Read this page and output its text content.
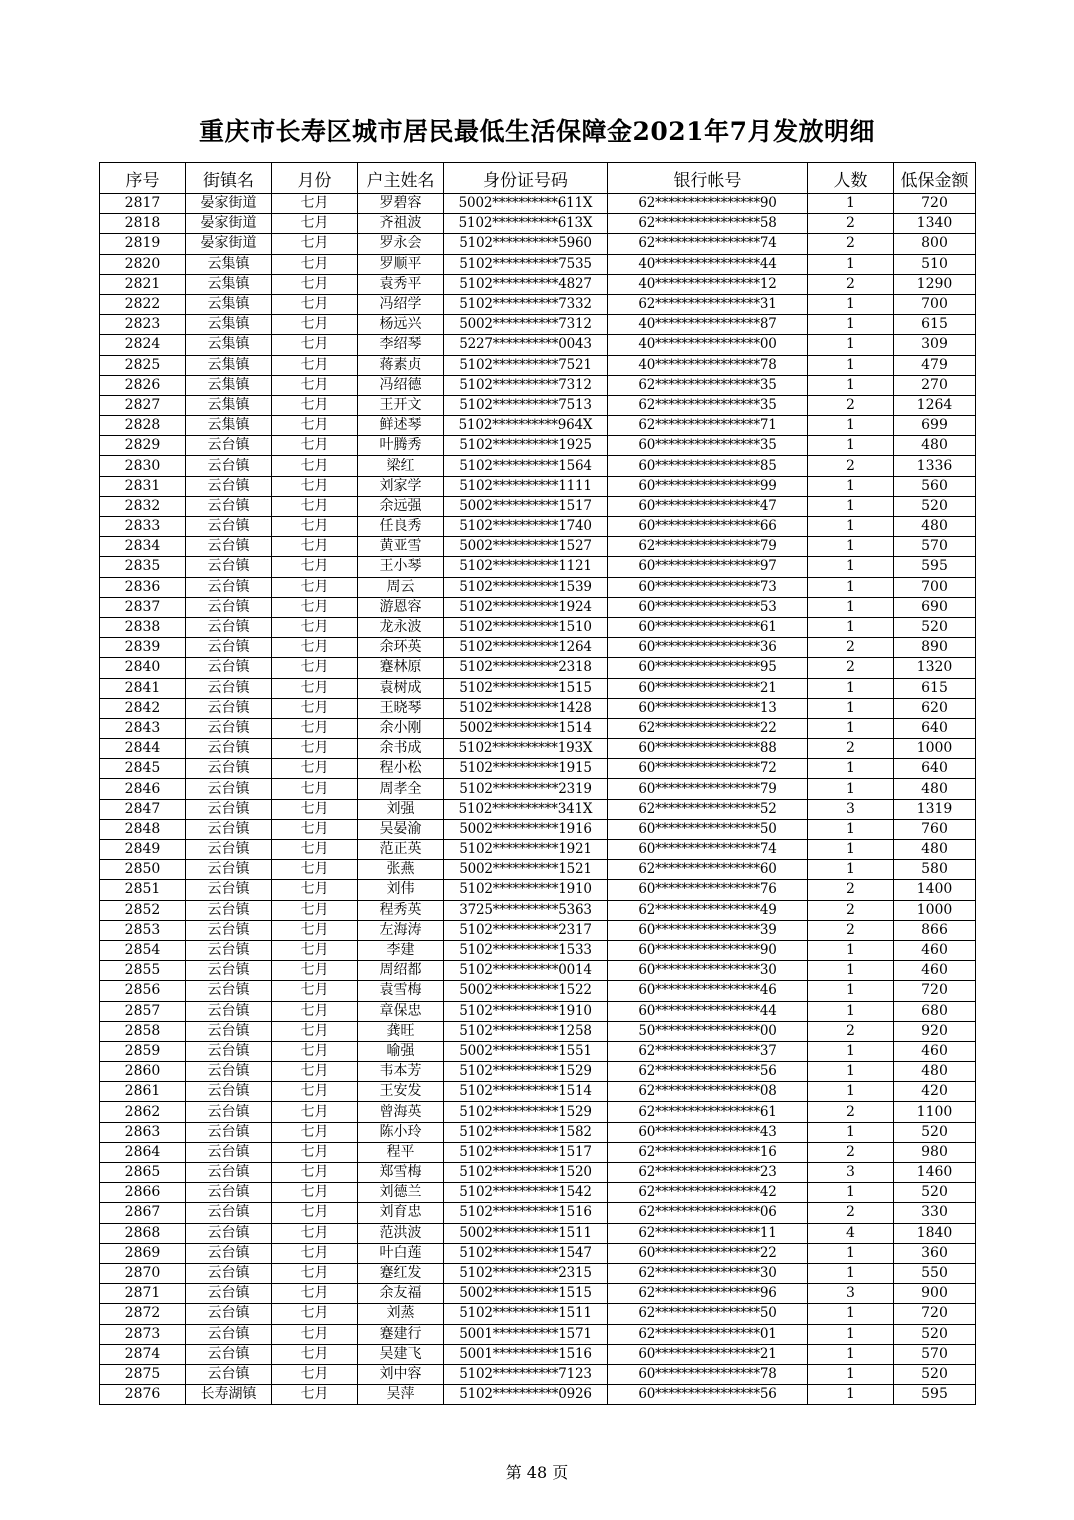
重庆市长寿区城市居民最低生活保障金2021年7月发放明细
序号	街镇名	月份	户主姓名	身份证号码	银行帐号	人数	低保金额
2817	晏家街道	七月	罗碧容	5002**********611X	62****************90	1	720
2818	晏家街道	七月	齐祖波	5102**********613X	62****************58	2	1340
2819	晏家街道	七月	罗永会	5102**********5960	62****************74	2	800
2820	云集镇	七月	罗顺平	5102**********7535	40****************44	1	510
2821	云集镇	七月	袁秀平	5102**********4827	40****************12	2	1290
2822	云集镇	七月	冯绍学	5102**********7332	62****************31	1	700
2823	云集镇	七月	杨远兴	5002**********7312	40****************87	1	615
2824	云集镇	七月	李绍琴	5227**********0043	40****************00	1	309
2825	云集镇	七月	蒋素贞	5102**********7521	40****************78	1	479
2826	云集镇	七月	冯绍德	5102**********7312	62****************35	1	270
2827	云集镇	七月	王开文	5102**********7513	62****************35	2	1264
2828	云集镇	七月	鲜述琴	5102**********964X	62****************71	1	699
2829	云台镇	七月	叶腾秀	5102**********1925	60****************35	1	480
2830	云台镇	七月	梁红	5102**********1564	60****************85	2	1336
2831	云台镇	七月	刘家学	5102**********1111	60****************99	1	560
2832	云台镇	七月	余远强	5002**********1517	60****************47	1	520
2833	云台镇	七月	任良秀	5102**********1740	60****************66	1	480
2834	云台镇	七月	黄亚雪	5002**********1527	62****************79	1	570
2835	云台镇	七月	王小琴	5102**********1121	60****************97	1	595
2836	云台镇	七月	周云	5102**********1539	60****************73	1	700
2837	云台镇	七月	游恩容	5102**********1924	60****************53	1	690
2838	云台镇	七月	龙永波	5102**********1510	60****************61	1	520
2839	云台镇	七月	余环英	5102**********1264	60****************36	2	890
2840	云台镇	七月	蹇林原	5102**********2318	60****************95	2	1320
2841	云台镇	七月	袁树成	5102**********1515	60****************21	1	615
2842	云台镇	七月	王晓琴	5102**********1428	60****************13	1	620
2843	云台镇	七月	余小刚	5002**********1514	62****************22	1	640
2844	云台镇	七月	余书成	5102**********193X	60****************88	2	1000
2845	云台镇	七月	程小松	5102**********1915	60****************72	1	640
2846	云台镇	七月	周孝全	5102**********2319	60****************79	1	480
2847	云台镇	七月	刘强	5102**********341X	62****************52	3	1319
2848	云台镇	七月	吴晏渝	5002**********1916	60****************50	1	760
2849	云台镇	七月	范正英	5102**********1921	60****************74	1	480
2850	云台镇	七月	张燕	5002**********1521	62****************60	1	580
2851	云台镇	七月	刘伟	5102**********1910	60****************76	2	1400
2852	云台镇	七月	程秀英	3725**********5363	62****************49	2	1000
2853	云台镇	七月	左海涛	5102**********2317	60****************39	2	866
2854	云台镇	七月	李建	5102**********1533	60****************90	1	460
2855	云台镇	七月	周绍都	5102**********0014	60****************30	1	460
2856	云台镇	七月	袁雪梅	5002**********1522	60****************46	1	720
2857	云台镇	七月	章保忠	5102**********1910	60****************44	1	680
2858	云台镇	七月	龚旺	5102**********1258	50****************00	2	920
2859	云台镇	七月	喻强	5002**********1551	62****************37	1	460
2860	云台镇	七月	韦本芳	5102**********1529	62****************56	1	480
2861	云台镇	七月	王安发	5102**********1514	62****************08	1	420
2862	云台镇	七月	曾海英	5102**********1529	62****************61	2	1100
2863	云台镇	七月	陈小玲	5102**********1582	60****************43	1	520
2864	云台镇	七月	程平	5102**********1517	62****************16	2	980
2865	云台镇	七月	郑雪梅	5102**********1520	62****************23	3	1460
2866	云台镇	七月	刘德兰	5102**********1542	62****************42	1	520
2867	云台镇	七月	刘育忠	5102**********1516	62****************06	2	330
2868	云台镇	七月	范洪波	5002**********1511	62****************11	4	1840
2869	云台镇	七月	叶白莲	5102**********1547	60****************22	1	360
2870	云台镇	七月	蹇红发	5102**********2315	62****************30	1	550
2871	云台镇	七月	余友福	5002**********1515	62****************96	3	900
2872	云台镇	七月	刘蒸	5102**********1511	62****************50	1	720
2873	云台镇	七月	蹇建行	5001**********1571	62****************01	1	520
2874	云台镇	七月	吴建飞	5001**********1516	60****************21	1	570
2875	云台镇	七月	刘中容	5102**********7123	60****************78	1	520
2876	长寿湖镇	七月	吴萍	5102**********0926	60****************56	1	595
第 48 页
